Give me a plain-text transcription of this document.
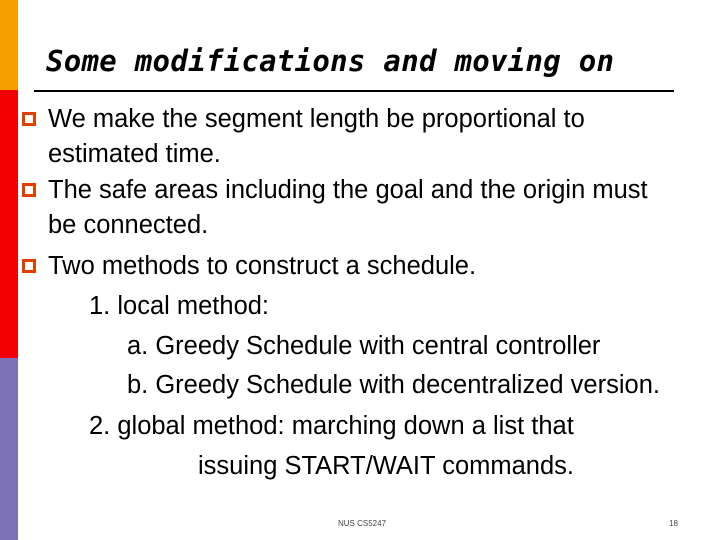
Some modifications and moving on
We make the segment length be proportional to
estimated time.
The safe areas including the goal and the origin must
be connected.
Two methods to construct a schedule.
1. local method:
a. Greedy Schedule with central controller
b. Greedy Schedule with decentralized version.
2. global method: marching down a list that
issuing START/WAIT commands.
NUS CS5247	18
